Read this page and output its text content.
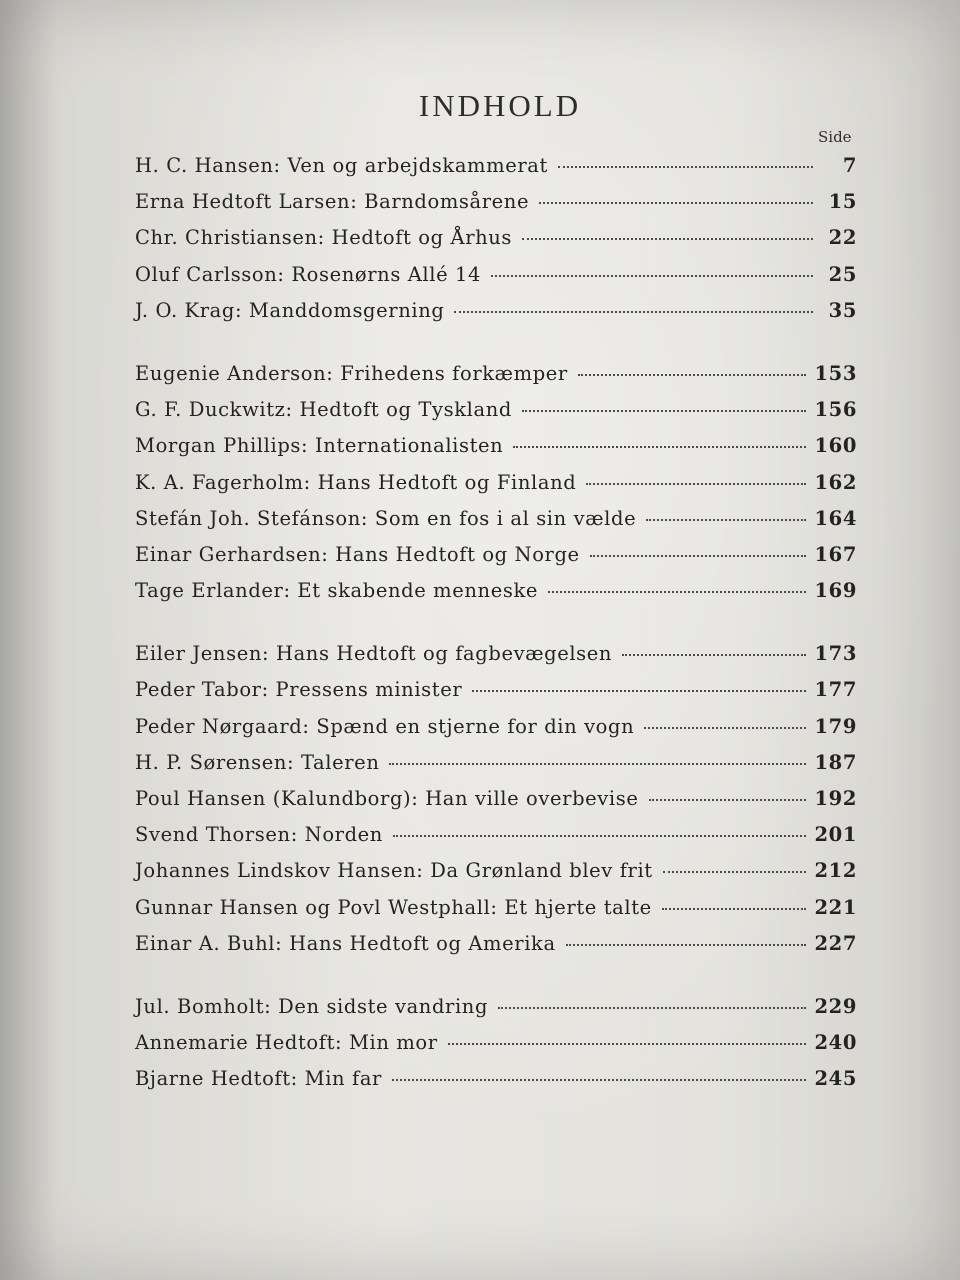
INDHOLD
Side
H. C. Hansen: Ven og arbejdskammerat	7
Erna Hedtoft Larsen: Barndomsårene	15
Chr. Christiansen: Hedtoft og Århus	22
Oluf Carlsson: Rosenørns Allé 14	25
J. O. Krag: Manddomsgerning	35
Eugenie Anderson: Frihedens forkæmper	153
G. F. Duckwitz: Hedtoft og Tyskland	156
Morgan Phillips: Internationalisten	160
K. A. Fagerholm: Hans Hedtoft og Finland	162
Stefán Joh. Stefánson: Som en fos i al sin vælde	164
Einar Gerhardsen: Hans Hedtoft og Norge	167
Tage Erlander: Et skabende menneske	169
Eiler Jensen: Hans Hedtoft og fagbevægelsen	173
Peder Tabor: Pressens minister	177
Peder Nørgaard: Spænd en stjerne for din vogn	179
H. P. Sørensen: Taleren	187
Poul Hansen (Kalundborg): Han ville overbevise	192
Svend Thorsen: Norden	201
Johannes Lindskov Hansen: Da Grønland blev frit	212
Gunnar Hansen og Povl Westphall: Et hjerte talte	221
Einar A. Buhl: Hans Hedtoft og Amerika	227
Jul. Bomholt: Den sidste vandring	229
Annemarie Hedtoft: Min mor	240
Bjarne Hedtoft: Min far	245
